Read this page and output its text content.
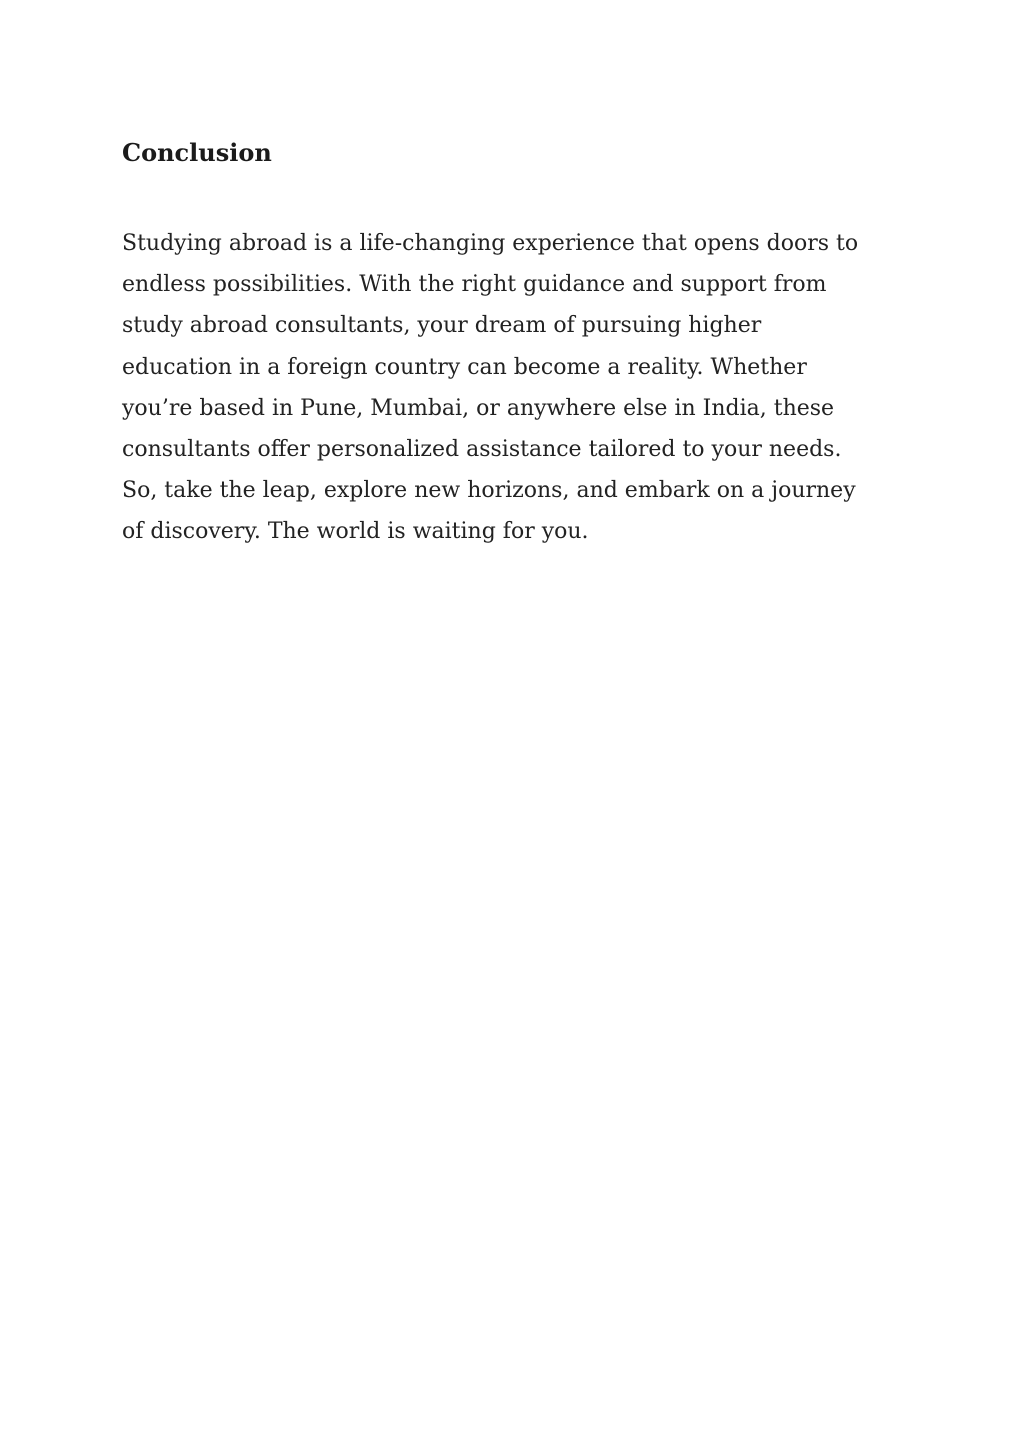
Conclusion

Studying abroad is a life-changing experience that opens doors to endless possibilities. With the right guidance and support from study abroad consultants, your dream of pursuing higher education in a foreign country can become a reality. Whether you’re based in Pune, Mumbai, or anywhere else in India, these consultants offer personalized assistance tailored to your needs. So, take the leap, explore new horizons, and embark on a journey of discovery. The world is waiting for you.
